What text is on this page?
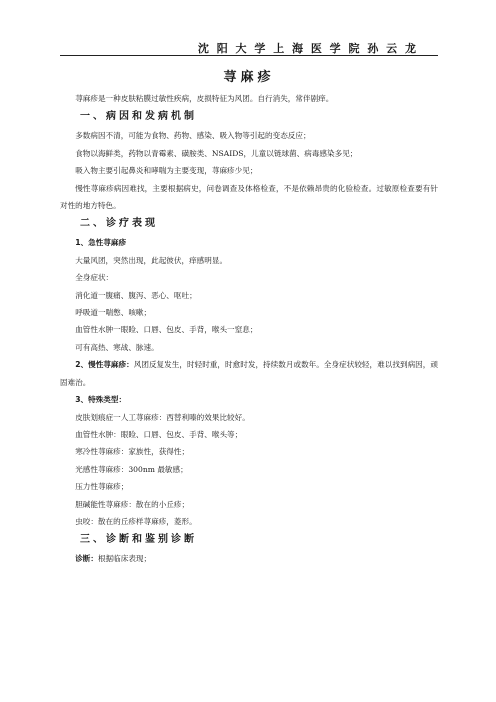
沈 阳 大 学 上 海 医 学 院 孙 云 龙
荨麻疹

荨麻疹是一种皮肤粘膜过敏性疾病，皮损特征为风团。自行消失，常伴剧痒。

一、病因和发病机制

多数病因不清，可能为食物、药物、感染、吸入物等引起的变态反应；

食物以海鲜类，药物以青霉素、磺胺类、NSAIDS，儿童以链球菌、病毒感染多见；

吸入物主要引起鼻炎和哮喘为主要变现，荨麻疹少见；

慢性荨麻疹病因难找，主要根据病史，问卷调查及体格检查，不是依赖昂贵的化验检查。过敏原检查要有针对性的地方特色。

二、诊疗表现

1、急性荨麻疹

大量风团，突然出现，此起彼伏，痒感明显。

全身症状：

消化道一腹痛、腹泻、恶心、呕吐；

呼吸道一喘憋、咳嗽；

血管性水肿一眼睑、口唇、包皮、手背，喉头一窒息；

可有高热、寒战、脉速。

2、慢性荨麻疹：风团反复发生，时轻时重，时愈时发，持续数月或数年。全身症状较轻，难以找到病因，顽固难治。

3、特殊类型：

皮肤划痕症一人工荨麻疹：西替利嗪的效果比较好。

血管性水肿：眼睑、口唇、包皮、手背、喉头等；

寒冷性荨麻疹：家族性，获得性；

光感性荨麻疹：300nm 最敏感；

压力性荨麻疹；

胆碱能性荨麻疹：散在的小丘疹；

虫咬：散在的丘疹样荨麻疹，菱形。

三、诊断和鉴别诊断

诊断：根据临床表现；
